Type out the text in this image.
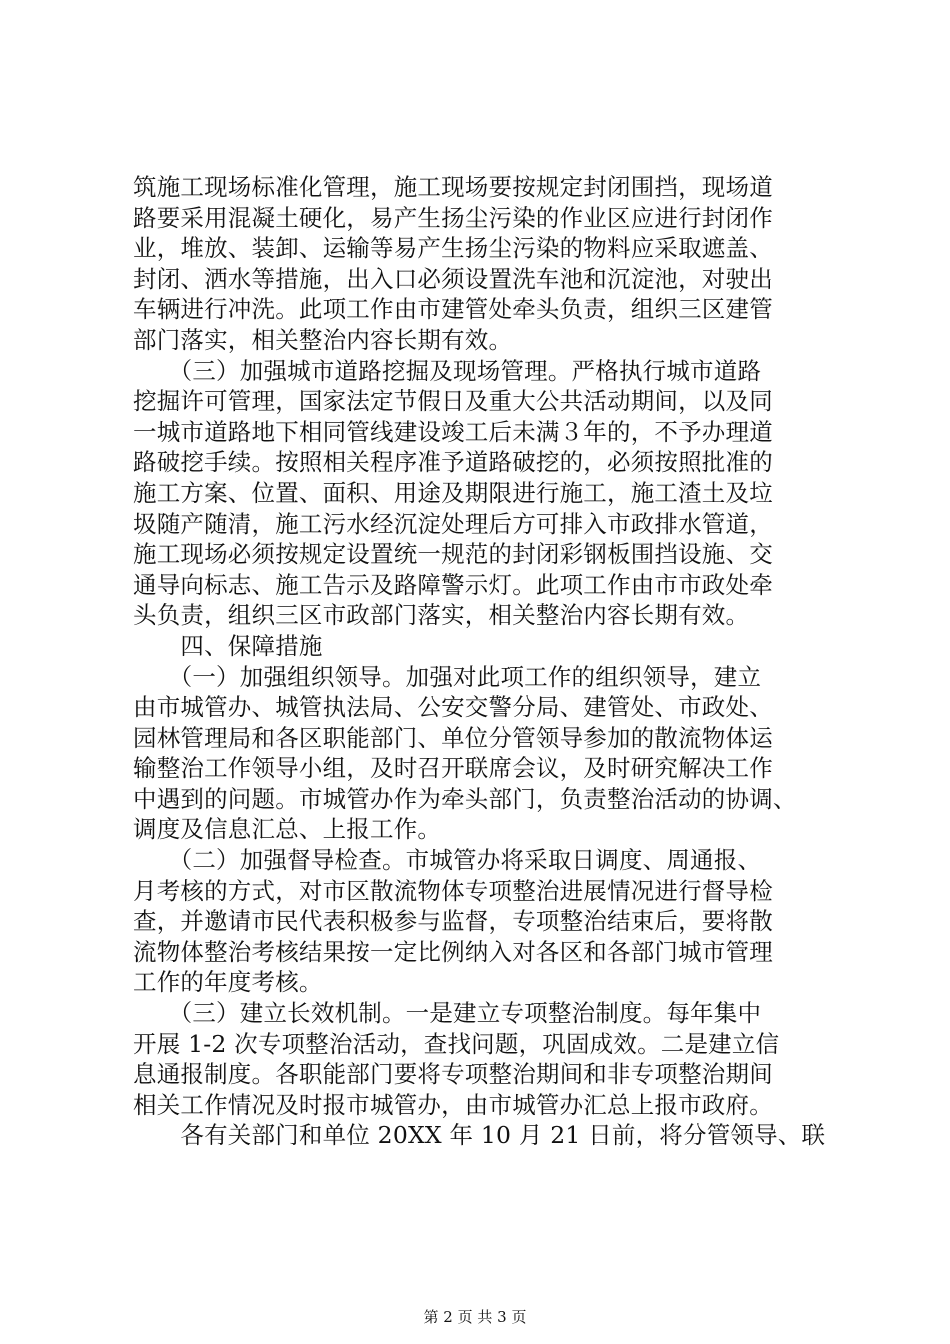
筑施工现场标准化管理，施工现场要按规定封闭围挡，现场道
路要采用混凝土硬化，易产生扬尘污染的作业区应进行封闭作
业，堆放、装卸、运输等易产生扬尘污染的物料应采取遮盖、
封闭、洒水等措施，出入口必须设置洗车池和沉淀池，对驶出
车辆进行冲洗。此项工作由市建管处牵头负责，组织三区建管
部门落实，相关整治内容长期有效。
　　（三）加强城市道路挖掘及现场管理。严格执行城市道路
挖掘许可管理，国家法定节假日及重大公共活动期间，以及同
一城市道路地下相同管线建设竣工后未满３年的，不予办理道
路破挖手续。按照相关程序准予道路破挖的，必须按照批准的
施工方案、位置、面积、用途及期限进行施工，施工渣土及垃
圾随产随清，施工污水经沉淀处理后方可排入市政排水管道，
施工现场必须按规定设置统一规范的封闭彩钢板围挡设施、交
通导向标志、施工告示及路障警示灯。此项工作由市市政处牵
头负责，组织三区市政部门落实，相关整治内容长期有效。
　　四、保障措施
　　（一）加强组织领导。加强对此项工作的组织领导，建立
由市城管办、城管执法局、公安交警分局、建管处、市政处、
园林管理局和各区职能部门、单位分管领导参加的散流物体运
输整治工作领导小组，及时召开联席会议，及时研究解决工作
中遇到的问题。市城管办作为牵头部门，负责整治活动的协调、
调度及信息汇总、上报工作。
　　（二）加强督导检查。市城管办将采取日调度、周通报、
月考核的方式，对市区散流物体专项整治进展情况进行督导检
查，并邀请市民代表积极参与监督，专项整治结束后，要将散
流物体整治考核结果按一定比例纳入对各区和各部门城市管理
工作的年度考核。
　　（三）建立长效机制。一是建立专项整治制度。每年集中
开展 1-2 次专项整治活动，查找问题，巩固成效。二是建立信
息通报制度。各职能部门要将专项整治期间和非专项整治期间
相关工作情况及时报市城管办，由市城管办汇总上报市政府。
　　各有关部门和单位 20XX 年 10 月 21 日前，将分管领导、联
第 2 页 共 3 页
